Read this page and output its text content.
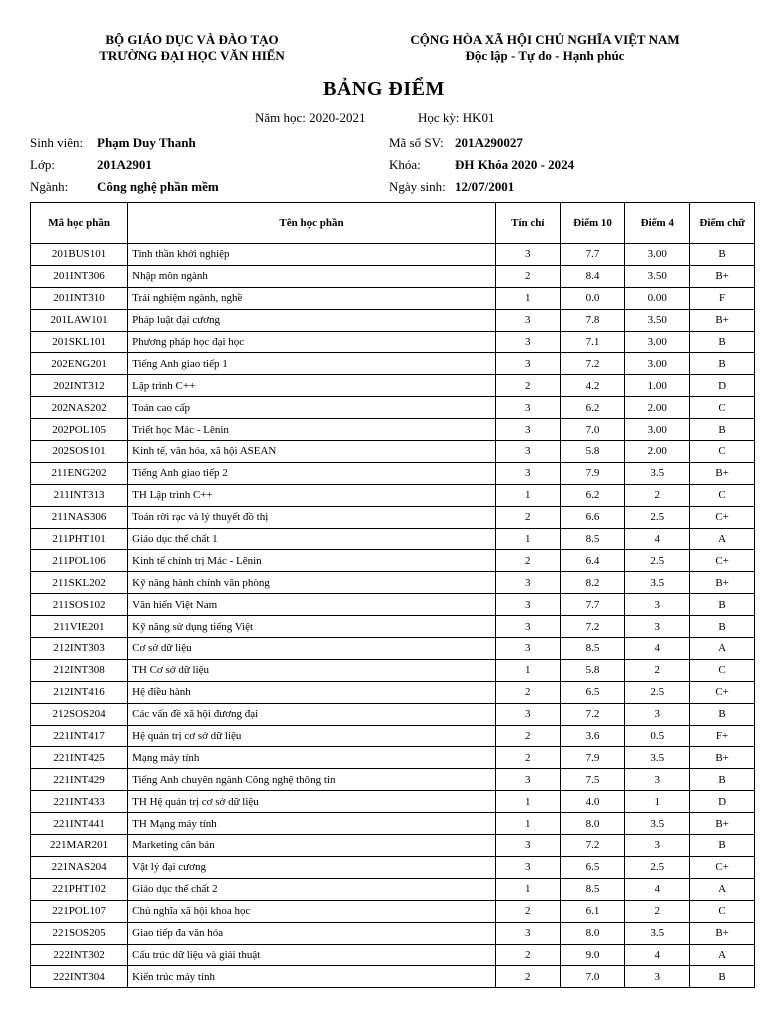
BỘ GIÁO DỤC VÀ ĐÀO TẠO
TRƯỜNG ĐẠI HỌC VĂN HIẾN
CỘNG HÒA XÃ HỘI CHỦ NGHĨA VIỆT NAM
Độc lập - Tự do - Hạnh phúc
BẢNG ĐIỂM
Năm học: 2020-2021	Học kỳ: HK01
Sinh viên: Phạm Duy Thanh	Mã số SV: 201A290027
Lớp:	201A2901	Khóa:	ĐH Khóa 2020 - 2024
Ngành: Công nghệ phần mềm	Ngày sinh: 12/07/2001
Mã học phần	Tên học phần	Tín chỉ	Điểm 10	Điểm 4	Điểm chữ
201BUS101	Tinh thần khởi nghiệp	3	7.7	3.00	B
201INT306	Nhập môn ngành	2	8.4	3.50	B+
201INT310	Trải nghiệm ngành, nghề	1	0.0	0.00	F
201LAW101	Pháp luật đại cương	3	7.8	3.50	B+
201SKL101	Phương pháp học đại học	3	7.1	3.00	B
202ENG201	Tiếng Anh giao tiếp 1	3	7.2	3.00	B
202INT312	Lập trình C++	2	4.2	1.00	D
202NAS202	Toán cao cấp	3	6.2	2.00	C
202POL105	Triết học Mác - Lênin	3	7.0	3.00	B
202SOS101	Kinh tế, văn hóa, xã hội ASEAN	3	5.8	2.00	C
211ENG202	Tiếng Anh giao tiếp 2	3	7.9	3.5	B+
211INT313	TH Lập trình C++	1	6.2	2	C
211NAS306	Toán rời rạc và lý thuyết đồ thị	2	6.6	2.5	C+
211PHT101	Giáo dục thể chất 1	1	8.5	4	A
211POL106	Kinh tế chính trị Mác - Lênin	2	6.4	2.5	C+
211SKL202	Kỹ năng hành chính văn phòng	3	8.2	3.5	B+
211SOS102	Văn hiến Việt Nam	3	7.7	3	B
211VIE201	Kỹ năng sử dụng tiếng Việt	3	7.2	3	B
212INT303	Cơ sở dữ liệu	3	8.5	4	A
212INT308	TH Cơ sở dữ liệu	1	5.8	2	C
212INT416	Hệ điều hành	2	6.5	2.5	C+
212SOS204	Các vấn đề xã hội đương đại	3	7.2	3	B
221INT417	Hệ quản trị cơ sở dữ liệu	2	3.6	0.5	F+
221INT425	Mạng máy tính	2	7.9	3.5	B+
221INT429	Tiếng Anh chuyên ngành Công nghệ thông tin	3	7.5	3	B
221INT433	TH Hệ quản trị cơ sở dữ liệu	1	4.0	1	D
221INT441	TH Mạng máy tính	1	8.0	3.5	B+
221MAR201	Marketing căn bản	3	7.2	3	B
221NAS204	Vật lý đại cương	3	6.5	2.5	C+
221PHT102	Giáo dục thể chất 2	1	8.5	4	A
221POL107	Chủ nghĩa xã hội khoa học	2	6.1	2	C
221SOS205	Giao tiếp đa văn hóa	3	8.0	3.5	B+
222INT302	Cấu trúc dữ liệu và giải thuật	2	9.0	4	A
222INT304	Kiến trúc máy tính	2	7.0	3	B
